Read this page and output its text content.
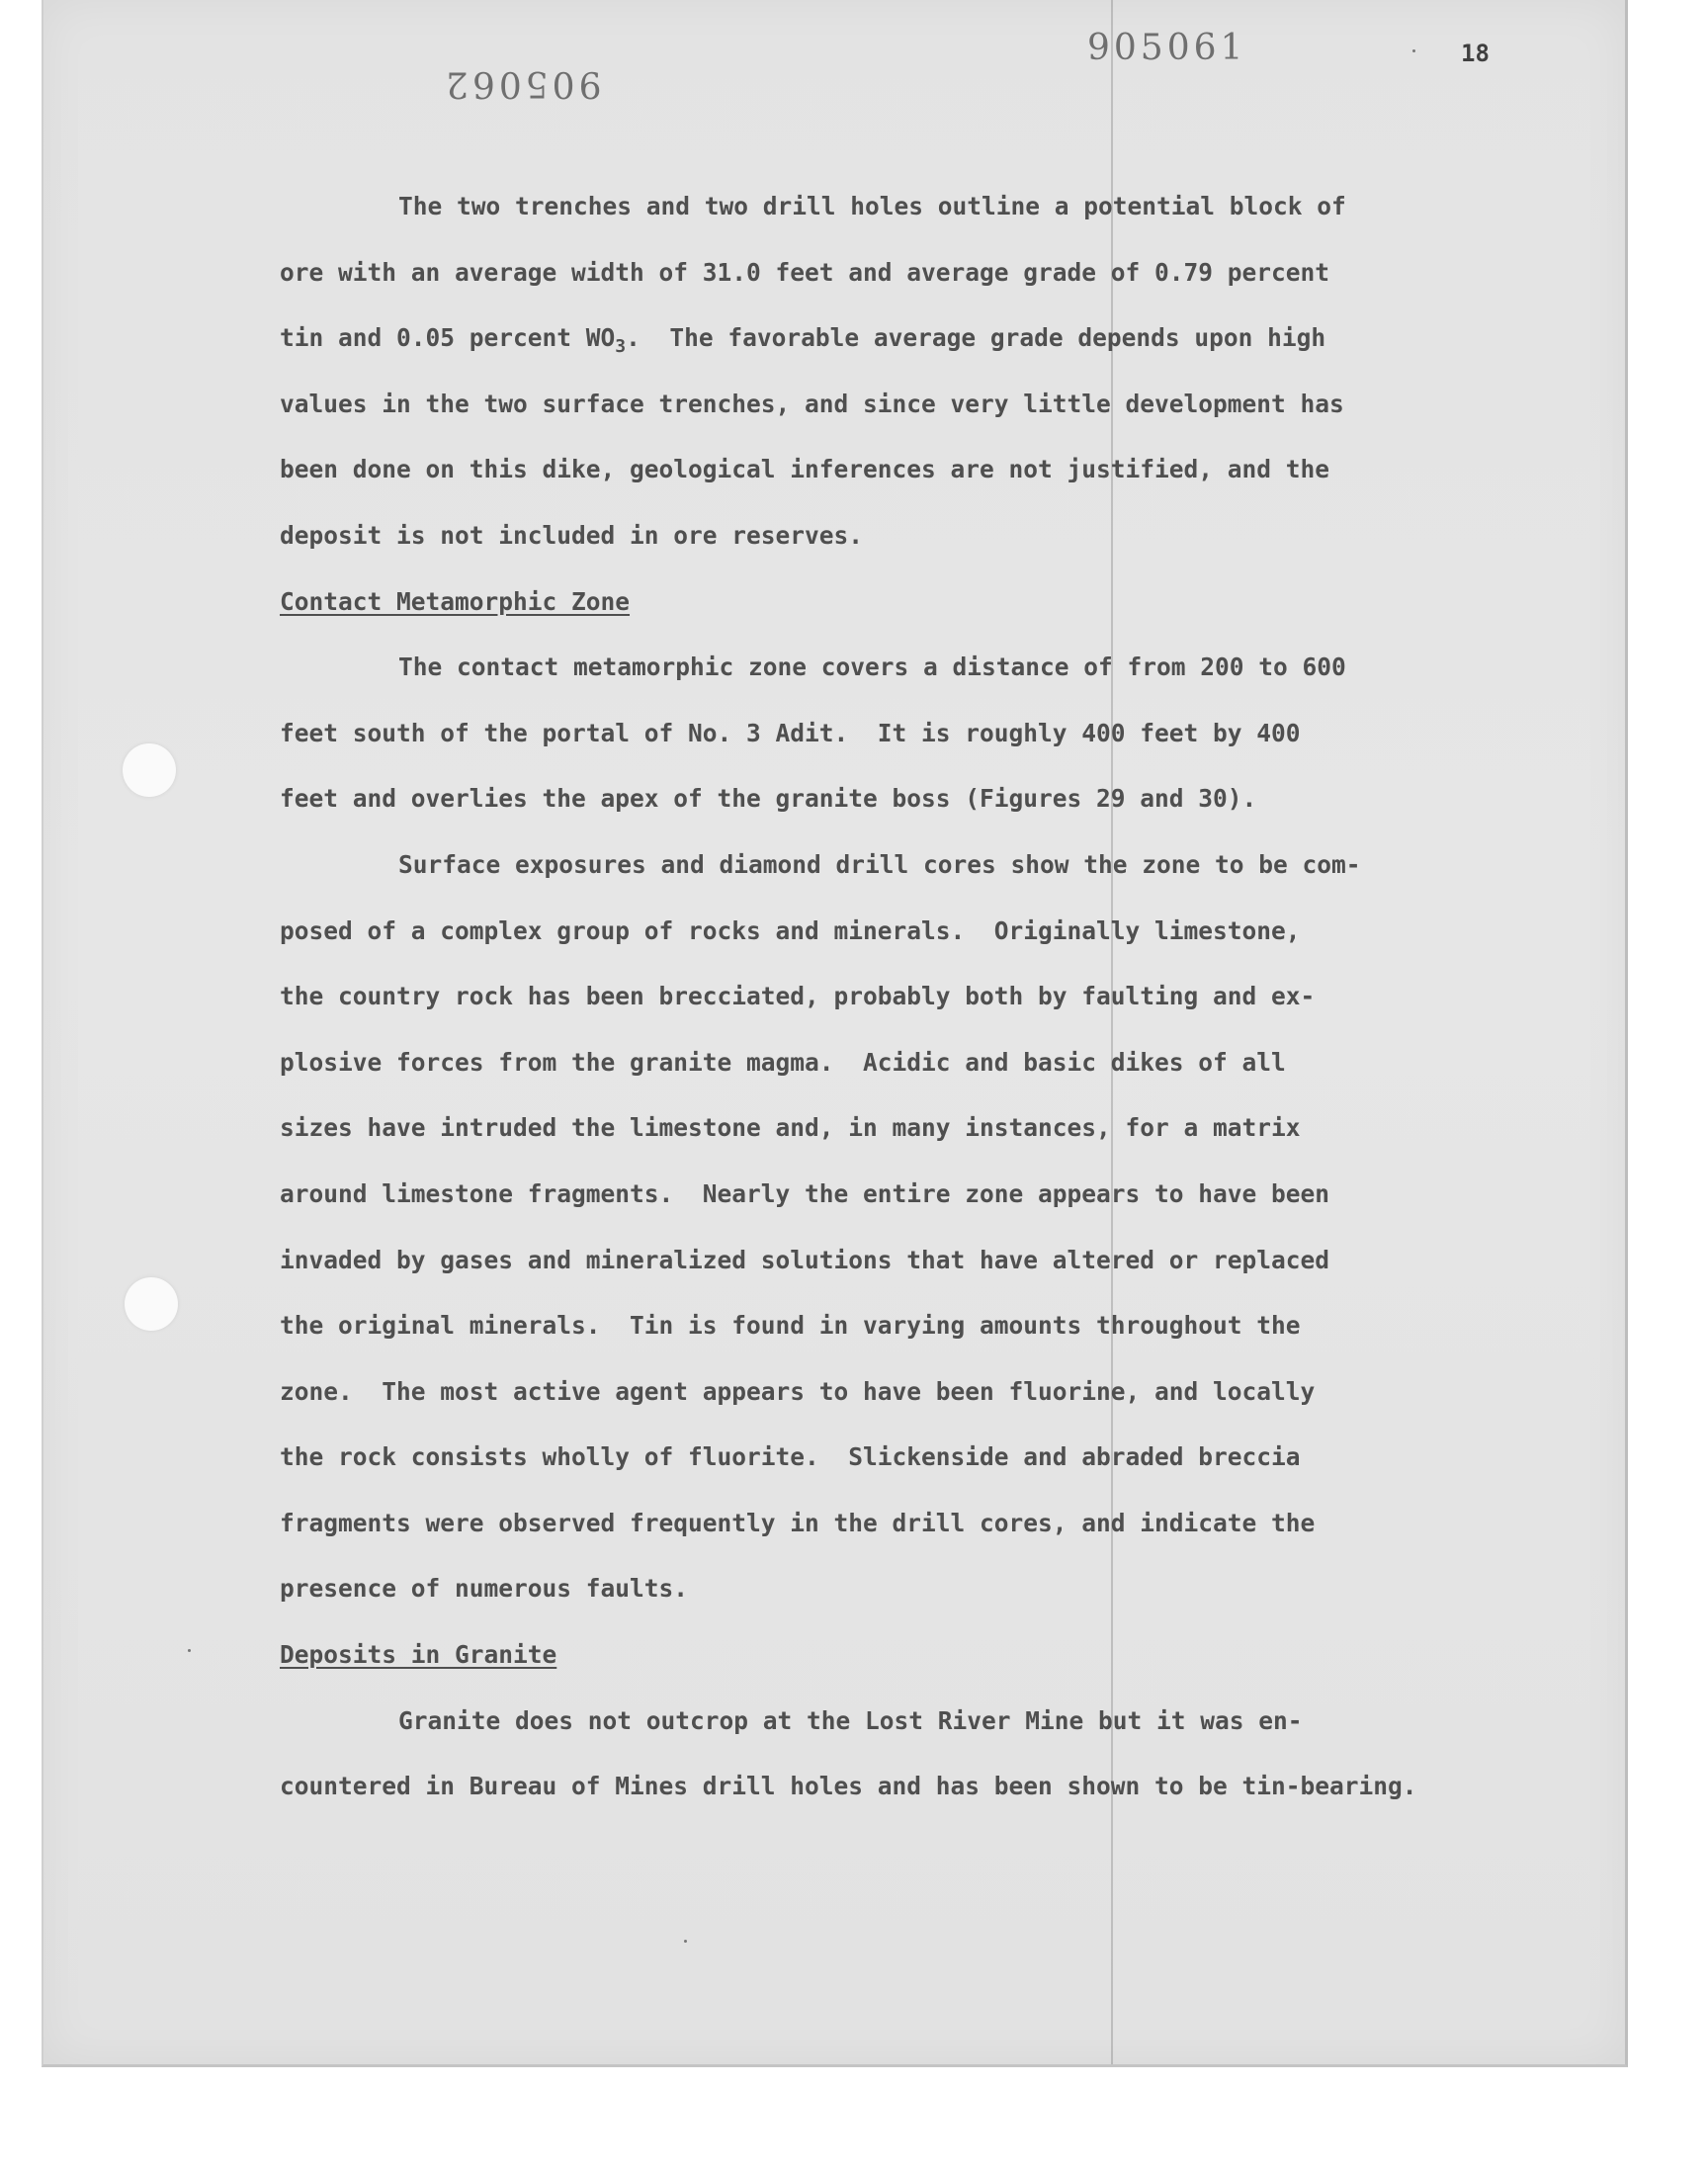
905061
905062
18
The two trenches and two drill holes outline a potential block of
ore with an average width of 31.0 feet and average grade of 0.79 percent
tin and 0.05 percent $WO_3$.  The favorable average grade depends upon high
values in the two surface trenches, and since very little development has
been done on this dike, geological inferences are not justified, and the
deposit is not included in ore reserves.
Contact Metamorphic Zone
The contact metamorphic zone covers a distance of from 200 to 600
feet south of the portal of No. 3 Adit.  It is roughly 400 feet by 400
feet and overlies the apex of the granite boss (Figures 29 and 30).
Surface exposures and diamond drill cores show the zone to be com-
posed of a complex group of rocks and minerals.  Originally limestone,
the country rock has been brecciated, probably both by faulting and ex-
plosive forces from the granite magma.  Acidic and basic dikes of all
sizes have intruded the limestone and, in many instances, for a matrix
around limestone fragments.  Nearly the entire zone appears to have been
invaded by gases and mineralized solutions that have altered or replaced
the original minerals.  Tin is found in varying amounts throughout the
zone.  The most active agent appears to have been fluorine, and locally
the rock consists wholly of fluorite.  Slickenside and abraded breccia
fragments were observed frequently in the drill cores, and indicate the
presence of numerous faults.
Deposits in Granite
Granite does not outcrop at the Lost River Mine but it was en-
countered in Bureau of Mines drill holes and has been shown to be tin-bearing.
